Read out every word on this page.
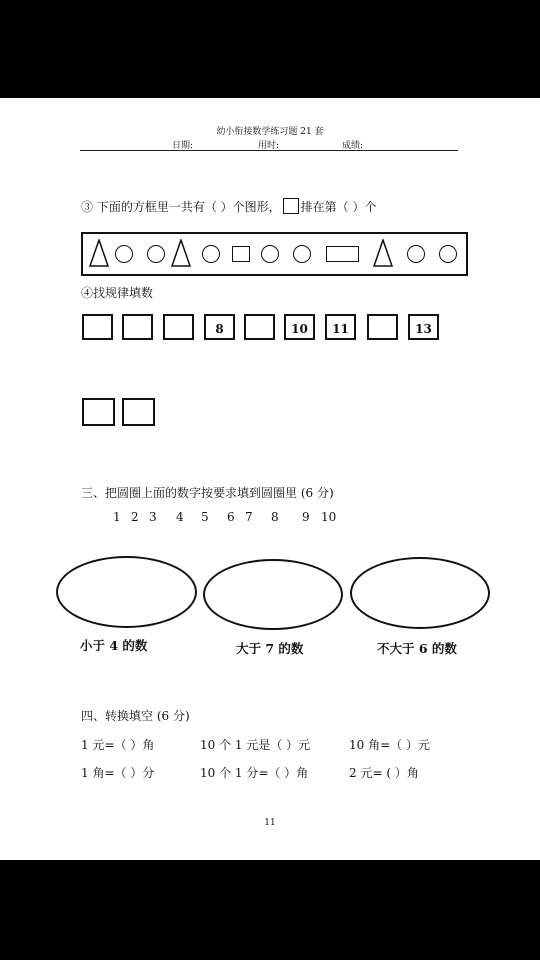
幼小衔接数学练习题 21 套
日期:	用时:	成绩:
③ 下面的方框里一共有（ ）个图形， 排在第（ ）个
④找规律填数
8	10	11	13
三、把圆圈上面的数字按要求填到圆圈里 (6 分)
1 2 3 4 5 6 7 8 9 10
小于 4 的数	大于 7 的数	不大于 6 的数
四、转换填空 (6 分)
1 元=（ ）角	10 个 1 元是（ ）元	10 角=（ ）元
1 角=（ ）分	10 个 1 分=（ ）角	2 元= ( ）角
11
